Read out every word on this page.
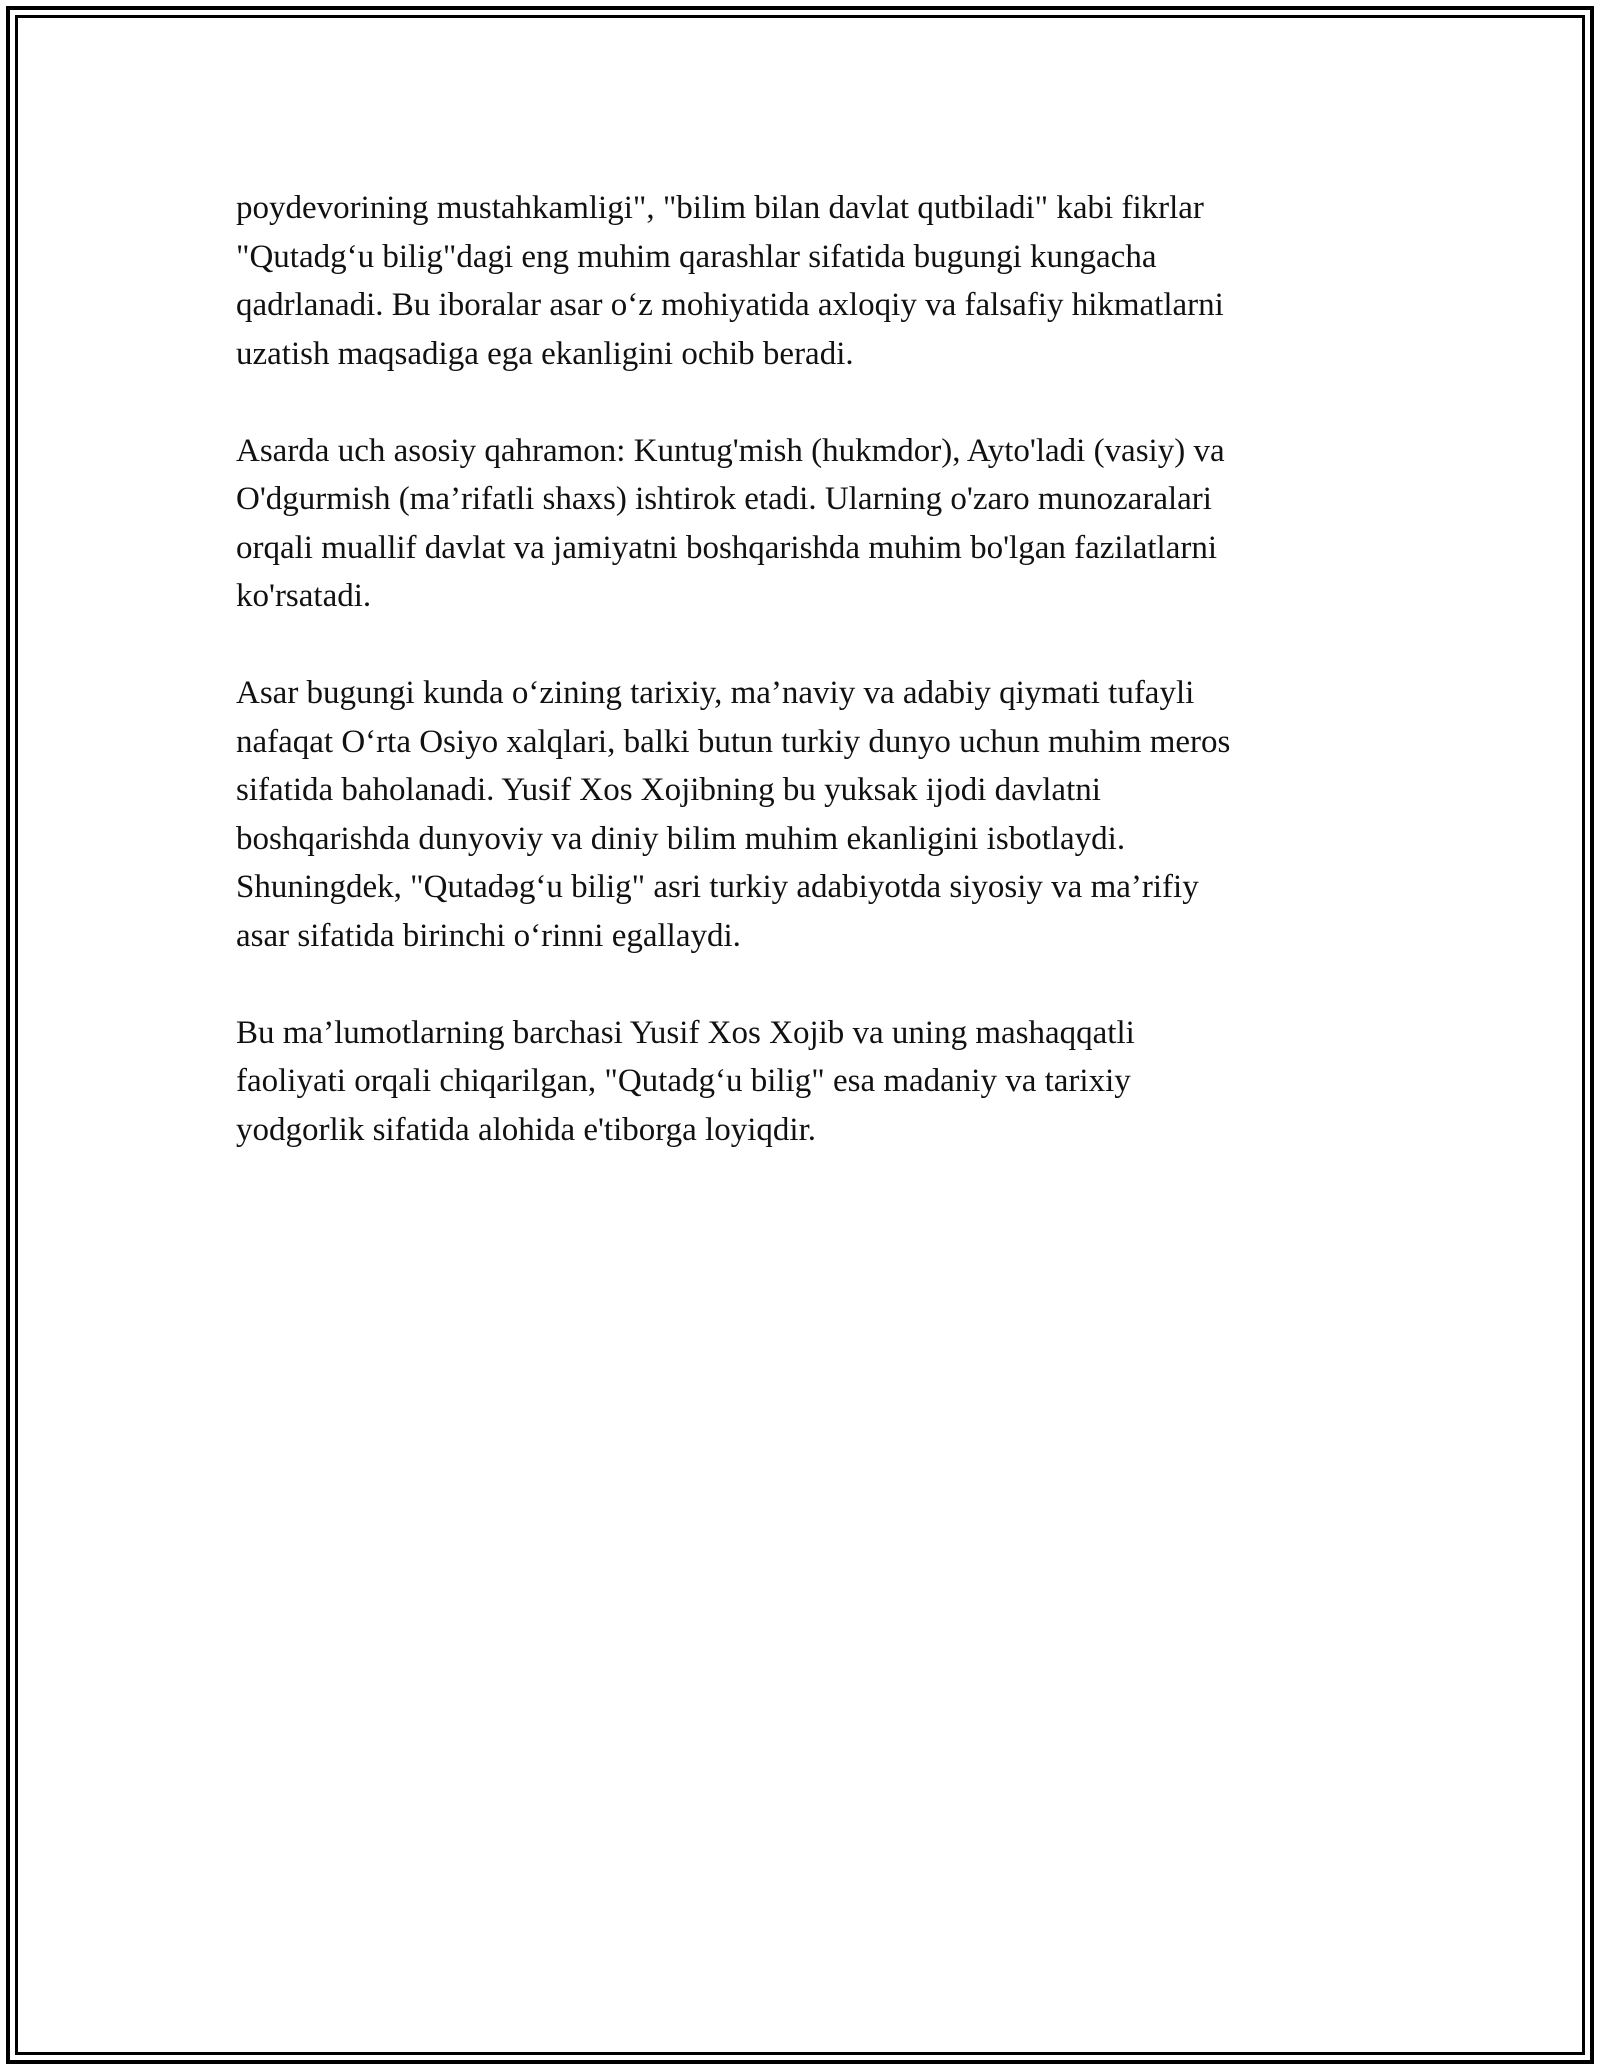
poydevorining mustahkamligi", "bilim bilan davlat qutbiladi" kabi fikrlar
"Qutadg‘u bilig"dagi eng muhim qarashlar sifatida bugungi kungacha
qadrlanadi. Bu iboralar asar o‘z mohiyatida axloqiy va falsafiy hikmatlarni
uzatish maqsadiga ega ekanligini ochib beradi.

Asarda uch asosiy qahramon: Kuntug'mish (hukmdor), Ayto'ladi (vasiy) va
O'dgurmish (ma’rifatli shaxs) ishtirok etadi. Ularning o'zaro munozaralari
orqali muallif davlat va jamiyatni boshqarishda muhim bo'lgan fazilatlarni
ko'rsatadi.

Asar bugungi kunda o‘zining tarixiy, ma’naviy va adabiy qiymati tufayli
nafaqat O‘rta Osiyo xalqlari, balki butun turkiy dunyo uchun muhim meros
sifatida baholanadi. Yusif Xos Xojibning bu yuksak ijodi davlatni
boshqarishda dunyoviy va diniy bilim muhim ekanligini isbotlaydi.
Shuningdek, "Qutadəg‘u bilig" asri turkiy adabiyotda siyosiy va ma’rifiy
asar sifatida birinchi o‘rinni egallaydi.

Bu ma’lumotlarning barchasi Yusif Xos Xojib va uning mashaqqatli
faoliyati orqali chiqarilgan, "Qutadg‘u bilig" esa madaniy va tarixiy
yodgorlik sifatida alohida e'tiborga loyiqdir.
